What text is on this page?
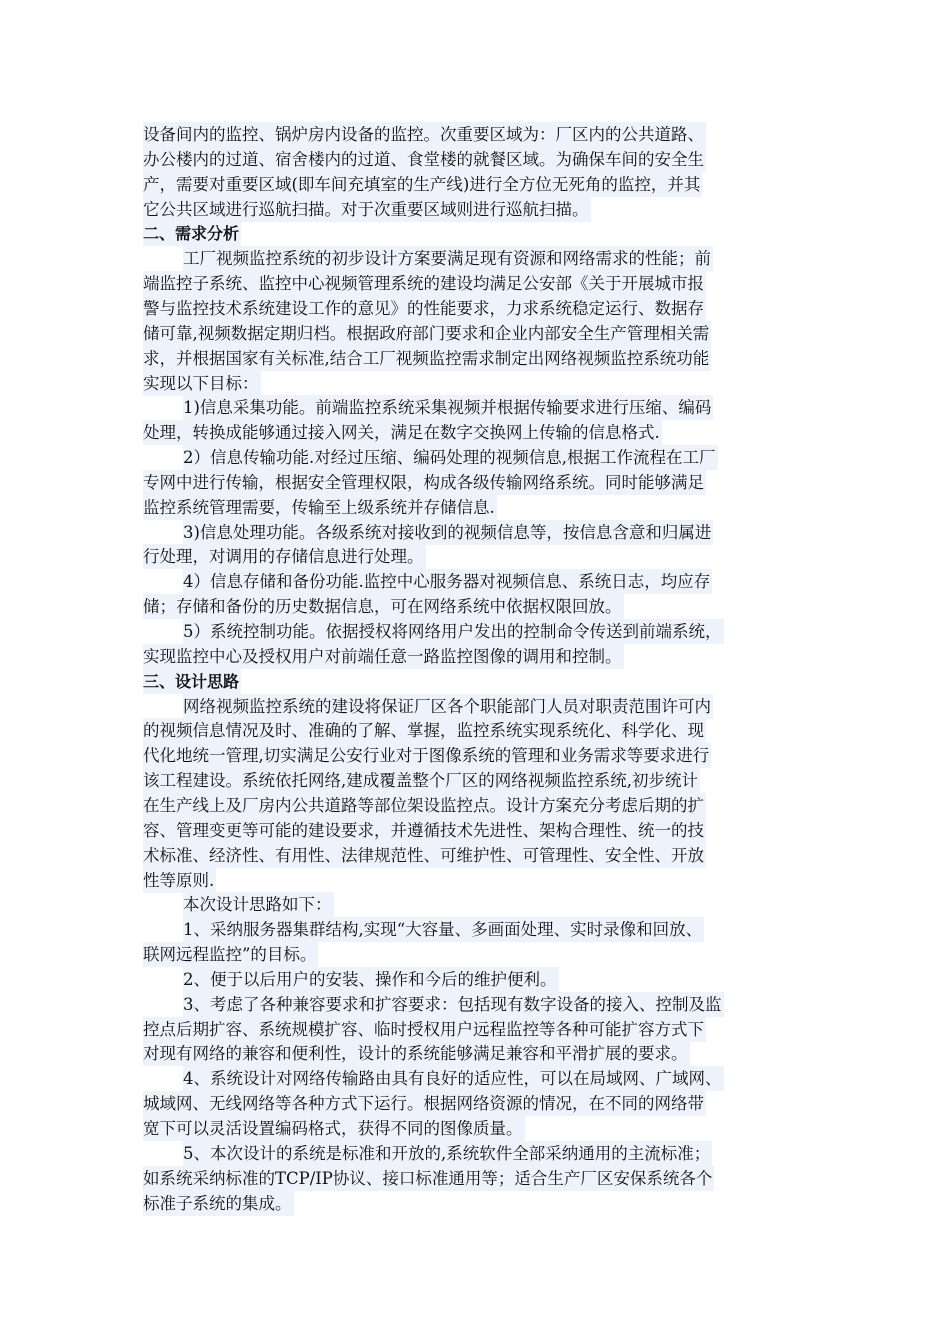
设备间内的监控、锅炉房内设备的监控。次重要区域为：厂区内的公共道路、
办公楼内的过道、宿舍楼内的过道、食堂楼的就餐区域。为确保车间的安全生
产，需要对重要区域(即车间充填室的生产线)进行全方位无死角的监控，并其
它公共区域进行巡航扫描。对于次重要区域则进行巡航扫描。
二、需求分析
工厂视频监控系统的初步设计方案要满足现有资源和网络需求的性能；前
端监控子系统、监控中心视频管理系统的建设均满足公安部《关于开展城市报
警与监控技术系统建设工作的意见》的性能要求，力求系统稳定运行、数据存
储可靠,视频数据定期归档。根据政府部门要求和企业内部安全生产管理相关需
求，并根据国家有关标准,结合工厂视频监控需求制定出网络视频监控系统功能
实现以下目标：
1)信息采集功能。前端监控系统采集视频并根据传输要求进行压缩、编码
处理，转换成能够通过接入网关，满足在数字交换网上传输的信息格式.
2）信息传输功能.对经过压缩、编码处理的视频信息,根据工作流程在工厂
专网中进行传输，根据安全管理权限，构成各级传输网络系统。同时能够满足
监控系统管理需要，传输至上级系统并存储信息.
3)信息处理功能。各级系统对接收到的视频信息等，按信息含意和归属进
行处理，对调用的存储信息进行处理。
4）信息存储和备份功能.监控中心服务器对视频信息、系统日志，均应存
储；存储和备份的历史数据信息，可在网络系统中依据权限回放。
5）系统控制功能。依据授权将网络用户发出的控制命令传送到前端系统，
实现监控中心及授权用户对前端任意一路监控图像的调用和控制。
三、设计思路
网络视频监控系统的建设将保证厂区各个职能部门人员对职责范围许可内
的视频信息情况及时、准确的了解、掌握，监控系统实现系统化、科学化、现
代化地统一管理,切实满足公安行业对于图像系统的管理和业务需求等要求进行
该工程建设。系统依托网络,建成覆盖整个厂区的网络视频监控系统,初步统计
在生产线上及厂房内公共道路等部位架设监控点。设计方案充分考虑后期的扩
容、管理变更等可能的建设要求，并遵循技术先进性、架构合理性、统一的技
术标准、经济性、有用性、法律规范性、可维护性、可管理性、安全性、开放
性等原则.
本次设计思路如下：
1、采纳服务器集群结构,实现“大容量、多画面处理、实时录像和回放、
联网远程监控”的目标。
2、便于以后用户的安装、操作和今后的维护便利。
3、考虑了各种兼容要求和扩容要求：包括现有数字设备的接入、控制及监
控点后期扩容、系统规模扩容、临时授权用户远程监控等各种可能扩容方式下
对现有网络的兼容和便利性，设计的系统能够满足兼容和平滑扩展的要求。
4、系统设计对网络传输路由具有良好的适应性，可以在局域网、广域网、
城域网、无线网络等各种方式下运行。根据网络资源的情况，在不同的网络带
宽下可以灵活设置编码格式，获得不同的图像质量。
5、本次设计的系统是标准和开放的,系统软件全部采纳通用的主流标准；
如系统采纳标准的TCP/IP协议、接口标准通用等；适合生产厂区安保系统各个
标准子系统的集成。
